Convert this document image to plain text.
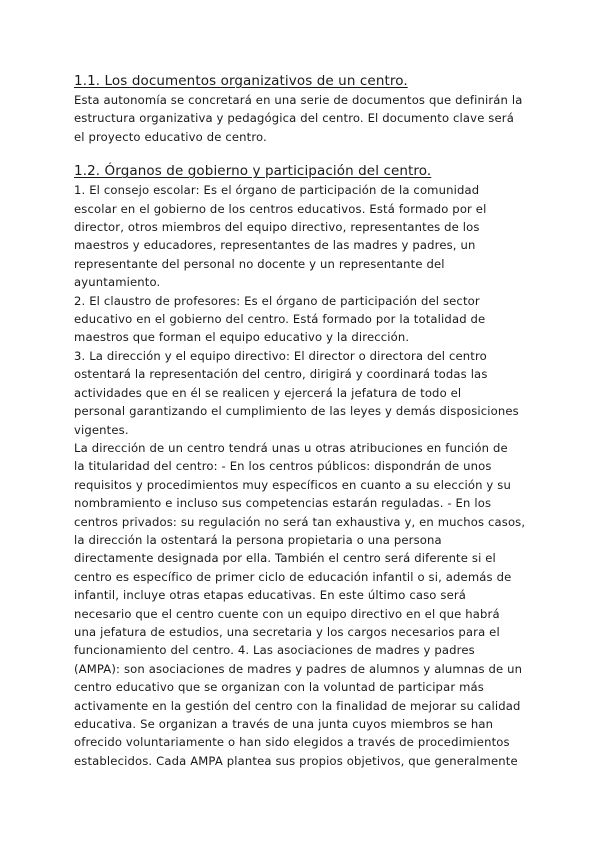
1.1. Los documentos organizativos de un centro.

Esta autonomía se concretará en una serie de documentos que definirán la
estructura organizativa y pedagógica del centro. El documento clave será
el proyecto educativo de centro.

1.2. Órganos de gobierno y participación del centro.

1. El consejo escolar: Es el órgano de participación de la comunidad
escolar en el gobierno de los centros educativos. Está formado por el
director, otros miembros del equipo directivo, representantes de los
maestros y educadores, representantes de las madres y padres, un
representante del personal no docente y un representante del
ayuntamiento.
2. El claustro de profesores: Es el órgano de participación del sector
educativo en el gobierno del centro. Está formado por la totalidad de
maestros que forman el equipo educativo y la dirección.
3. La dirección y el equipo directivo: El director o directora del centro
ostentará la representación del centro, dirigirá y coordinará todas las
actividades que en él se realicen y ejercerá la jefatura de todo el
personal garantizando el cumplimiento de las leyes y demás disposiciones
vigentes.
La dirección de un centro tendrá unas u otras atribuciones en función de
la titularidad del centro: - En los centros públicos: dispondrán de unos
requisitos y procedimientos muy específicos en cuanto a su elección y su
nombramiento e incluso sus competencias estarán reguladas. - En los
centros privados: su regulación no será tan exhaustiva y, en muchos casos,
la dirección la ostentará la persona propietaria o una persona
directamente designada por ella. También el centro será diferente si el
centro es específico de primer ciclo de educación infantil o si, además de
infantil, incluye otras etapas educativas. En este último caso será
necesario que el centro cuente con un equipo directivo en el que habrá
una jefatura de estudios, una secretaria y los cargos necesarios para el
funcionamiento del centro. 4. Las asociaciones de madres y padres
(AMPA): son asociaciones de madres y padres de alumnos y alumnas de un
centro educativo que se organizan con la voluntad de participar más
activamente en la gestión del centro con la finalidad de mejorar su calidad
educativa. Se organizan a través de una junta cuyos miembros se han
ofrecido voluntariamente o han sido elegidos a través de procedimientos
establecidos. Cada AMPA plantea sus propios objetivos, que generalmente
